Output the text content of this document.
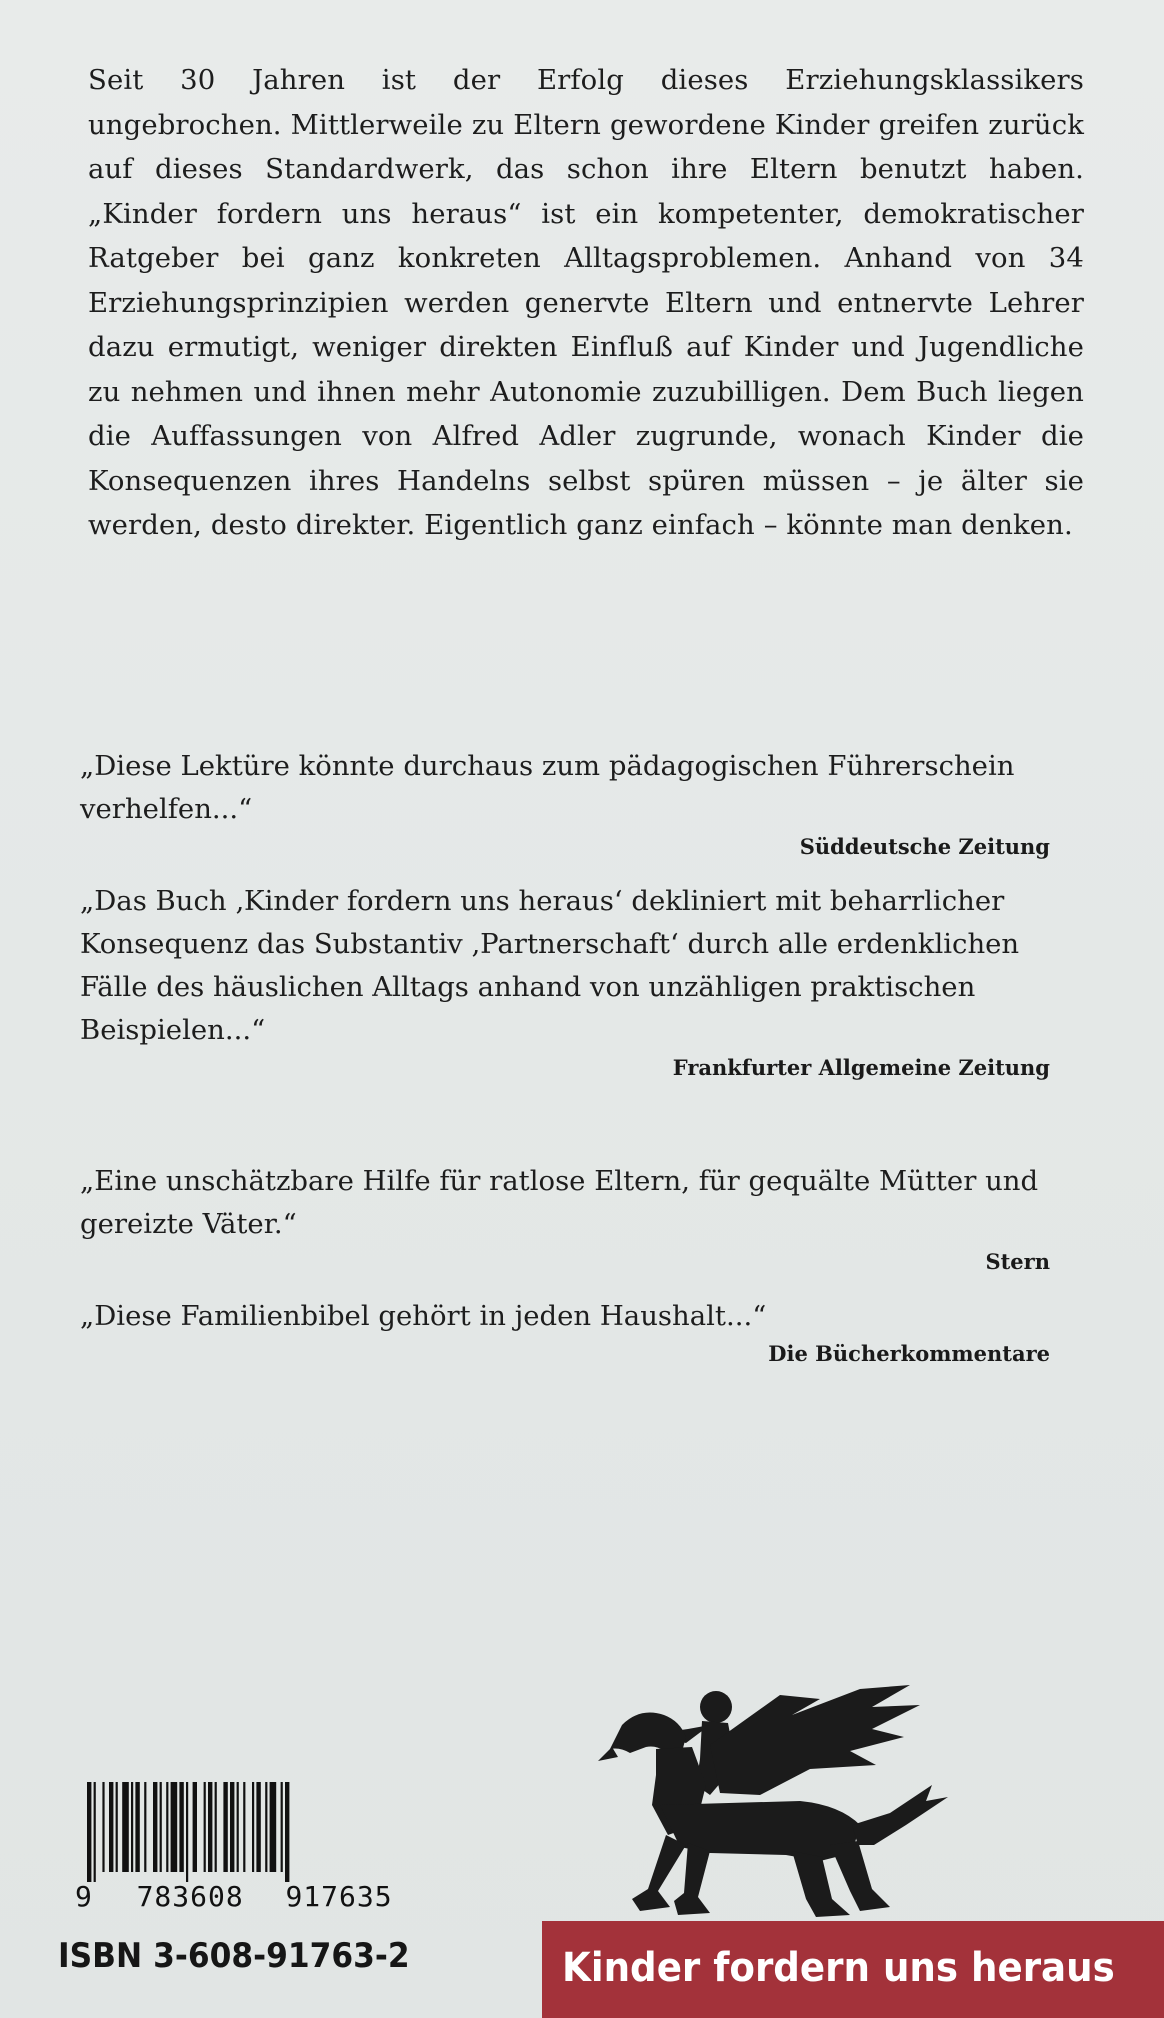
Seit 30 Jahren ist der Erfolg dieses Erziehungsklassikers ungebrochen. Mittlerweile zu Eltern gewordene Kinder greifen zurück auf dieses Standardwerk, das schon ihre Eltern benutzt haben. „Kinder fordern uns heraus“ ist ein kompetenter, demokratischer Ratgeber bei ganz konkreten Alltagsproblemen. Anhand von 34 Erziehungsprinzipien werden genervte Eltern und entnervte Lehrer dazu ermutigt, weniger direkten Einfluß auf Kinder und Jugendliche zu nehmen und ihnen mehr Autonomie zuzubilligen. Dem Buch liegen die Auffassungen von Alfred Adler zugrunde, wonach Kinder die Konsequenzen ihres Handelns selbst spüren müssen – je älter sie werden, desto direkter. Eigentlich ganz einfach – könnte man denken.

„Diese Lektüre könnte durchaus zum pädagogischen Führerschein verhelfen...“

Süddeutsche Zeitung

„Das Buch ‚Kinder fordern uns heraus‘ dekliniert mit beharrlicher Konsequenz das Substantiv ‚Partnerschaft‘ durch alle erdenklichen Fälle des häuslichen Alltags anhand von unzähligen praktischen Beispielen...“

Frankfurter Allgemeine Zeitung

„Eine unschätzbare Hilfe für ratlose Eltern, für gequälte Mütter und gereizte Väter.“

Stern

„Diese Familienbibel gehört in jeden Haushalt...“

Die Bücherkommentare
9 783608 917635
ISBN 3-608-91763-2	Kinder fordern uns heraus
